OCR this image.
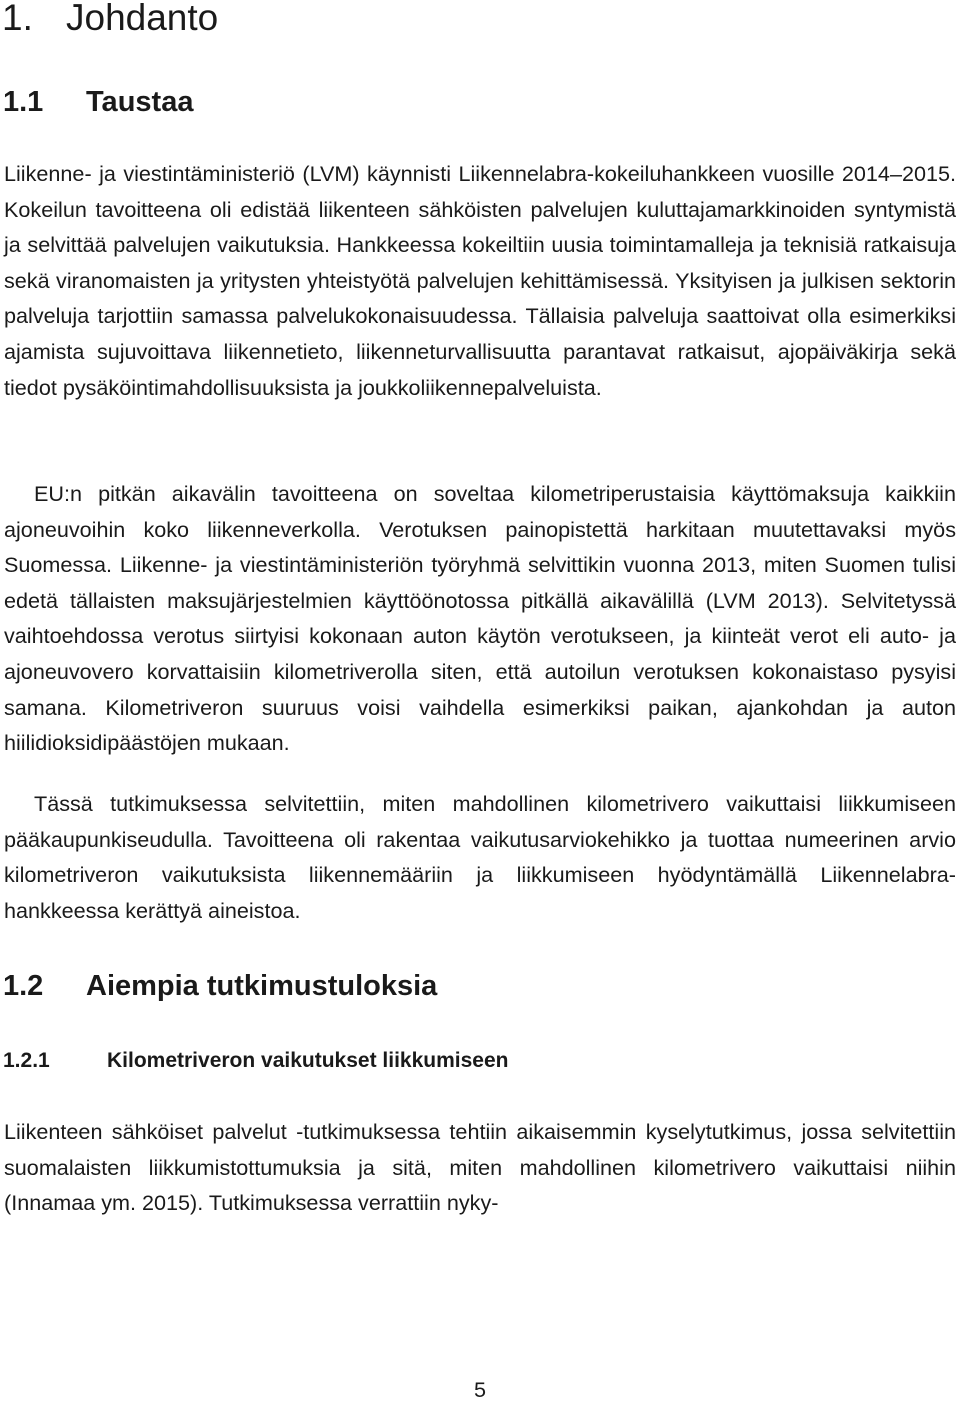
1. Johdanto
1.1 Taustaa

Liikenne- ja viestintäministeriö (LVM) käynnisti Liikennelabra-kokeiluhankkeen vuosille 2014–2015. Kokeilun tavoitteena oli edistää liikenteen sähköisten palvelujen kuluttajamarkkinoiden syntymistä ja selvittää palvelujen vaikutuksia. Hankkeessa kokeiltiin uusia toimintamalleja ja teknisiä ratkaisuja sekä viranomaisten ja yritysten yhteistyötä palvelujen kehittämisessä. Yksityisen ja julkisen sektorin palveluja tarjottiin samassa palvelukokonaisuudessa. Tällaisia palveluja saattoivat olla esimerkiksi ajamista sujuvoittava liikennetieto, liikenneturvallisuutta parantavat ratkaisut, ajopäiväkirja sekä tiedot pysäköintimahdollisuuksista ja joukkoliikennepalveluista.

EU:n pitkän aikavälin tavoitteena on soveltaa kilometriperustaisia käyttömaksuja kaikkiin ajoneuvoihin koko liikenneverkolla. Verotuksen painopistettä harkitaan muutettavaksi myös Suomessa. Liikenne- ja viestintäministeriön työryhmä selvittikin vuonna 2013, miten Suomen tulisi edetä tällaisten maksujärjestelmien käyttöönotossa pitkällä aikavälillä (LVM 2013). Selvitetyssä vaihtoehdossa verotus siirtyisi kokonaan auton käytön verotukseen, ja kiinteät verot eli auto- ja ajoneuvovero korvattaisiin kilometriverolla siten, että autoilun verotuksen kokonaistaso pysyisi samana. Kilometriveron suuruus voisi vaihdella esimerkiksi paikan, ajankohdan ja auton hiilidioksidipäästöjen mukaan.

Tässä tutkimuksessa selvitettiin, miten mahdollinen kilometrivero vaikuttaisi liikkumiseen pääkaupunkiseudulla. Tavoitteena oli rakentaa vaikutusarviokehikko ja tuottaa numeerinen arvio kilometriveron vaikutuksista liikennemääriin ja liikkumiseen hyödyntämällä Liikennelabra-hankkeessa kerättyä aineistoa.

1.2 Aiempia tutkimustuloksia
1.2.1	Kilometriveron vaikutukset liikkumiseen

Liikenteen sähköiset palvelut -tutkimuksessa tehtiin aikaisemmin kyselytutkimus, jossa selvitettiin suomalaisten liikkumistottumuksia ja sitä, miten mahdollinen kilometrivero vaikuttaisi niihin (Innamaa ym. 2015). Tutkimuksessa verrattiin nyky-

5
